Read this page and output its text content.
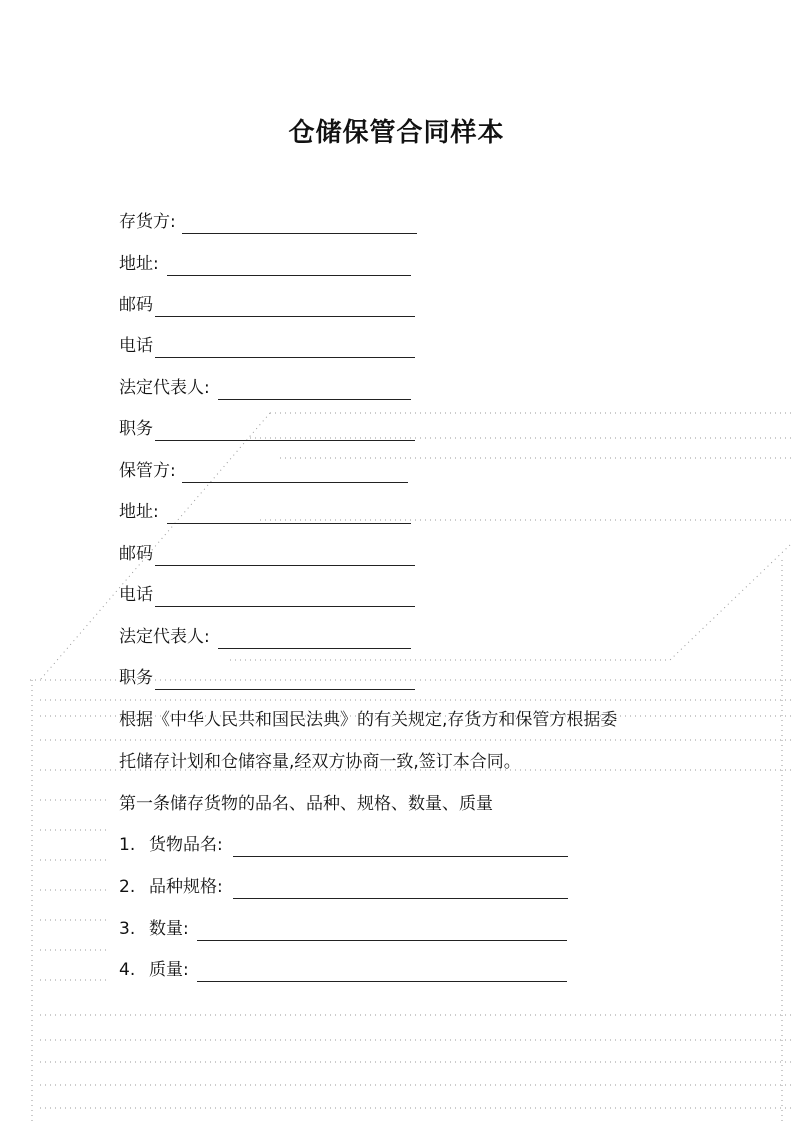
仓储保管合同样本
存货方:
地址:
邮码
电话
法定代表人:
职务
保管方:
地址:
邮码
电话
法定代表人:
职务
根据《中华人民共和国民法典》的有关规定,存货方和保管方根据委
托储存计划和仓储容量,经双方协商一致,签订本合同。
第一条储存货物的品名、品种、规格、数量、质量
1. 货物品名:
2. 品种规格:
3. 数量:
4. 质量:
